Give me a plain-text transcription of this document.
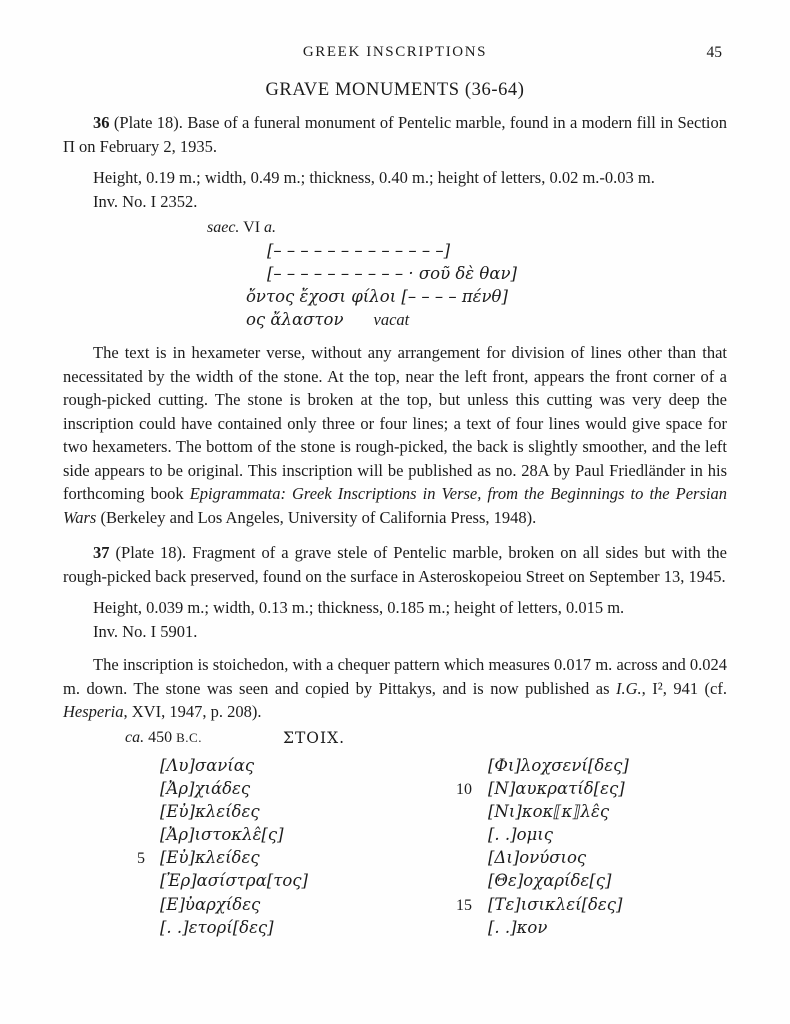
GREEK INSCRIPTIONS	45
GRAVE MONUMENTS (36-64)

36 (Plate 18). Base of a funeral monument of Pentelic marble, found in a modern fill in Section Π on February 2, 1935.

Height, 0.19 m.; width, 0.49 m.; thickness, 0.40 m.; height of letters, 0.02 m.-0.03 m.

Inv. No. I 2352.

saec. VI a.
[– – – – – – – – – – – – –]
[– – – – – – – – – – · σοῦ δὲ θαν]
ὄντος ἔχοσι φίλοι [– – – – πένθ]
ος ἄλαστον vacat

The text is in hexameter verse, without any arrangement for division of lines other than that necessitated by the width of the stone. At the top, near the left front, appears the front corner of a rough-picked cutting. The stone is broken at the top, but unless this cutting was very deep the inscription could have contained only three or four lines; a text of four lines would give space for two hexameters. The bottom of the stone is rough-picked, the back is slightly smoother, and the left side appears to be original. This inscription will be published as no. 28A by Paul Friedländer in his forthcoming book Epigrammata: Greek Inscriptions in Verse, from the Beginnings to the Persian Wars (Berkeley and Los Angeles, University of California Press, 1948).

37 (Plate 18). Fragment of a grave stele of Pentelic marble, broken on all sides but with the rough-picked back preserved, found on the surface in Asteroskopeiou Street on September 13, 1945.

Height, 0.039 m.; width, 0.13 m.; thickness, 0.185 m.; height of letters, 0.015 m.

Inv. No. I 5901.

The inscription is stoichedon, with a chequer pattern which measures 0.017 m. across and 0.024 m. down. The stone was seen and copied by Pittakys, and is now published as I.G., I², 941 (cf. Hesperia, XVI, 1947, p. 208).

ca. 450 B.C.	ΣΤΟΙΧ.
[Λυ]σανίας
[Ἀρ]χιάδες
[Εὐ]κλείδες
[Ἀρ]ιστοκλε̂[ς]
5 [Εὐ]κλείδες
[Ἐρ]ασίστρα[τος]
[Ε]ὐαρχίδες
[. .]ετορί[δες]
[Φι]λοχσενί[δες]
10 [Ν]αυκρατίδ[ες]
[Νι]κοκ⟦κ⟧λε̂ς
[. .]ομις
[Δι]ονύσιος
[Θε]οχαρίδε[ς]
15 [Τε]ισικλεί[δες]
[. .]κον
